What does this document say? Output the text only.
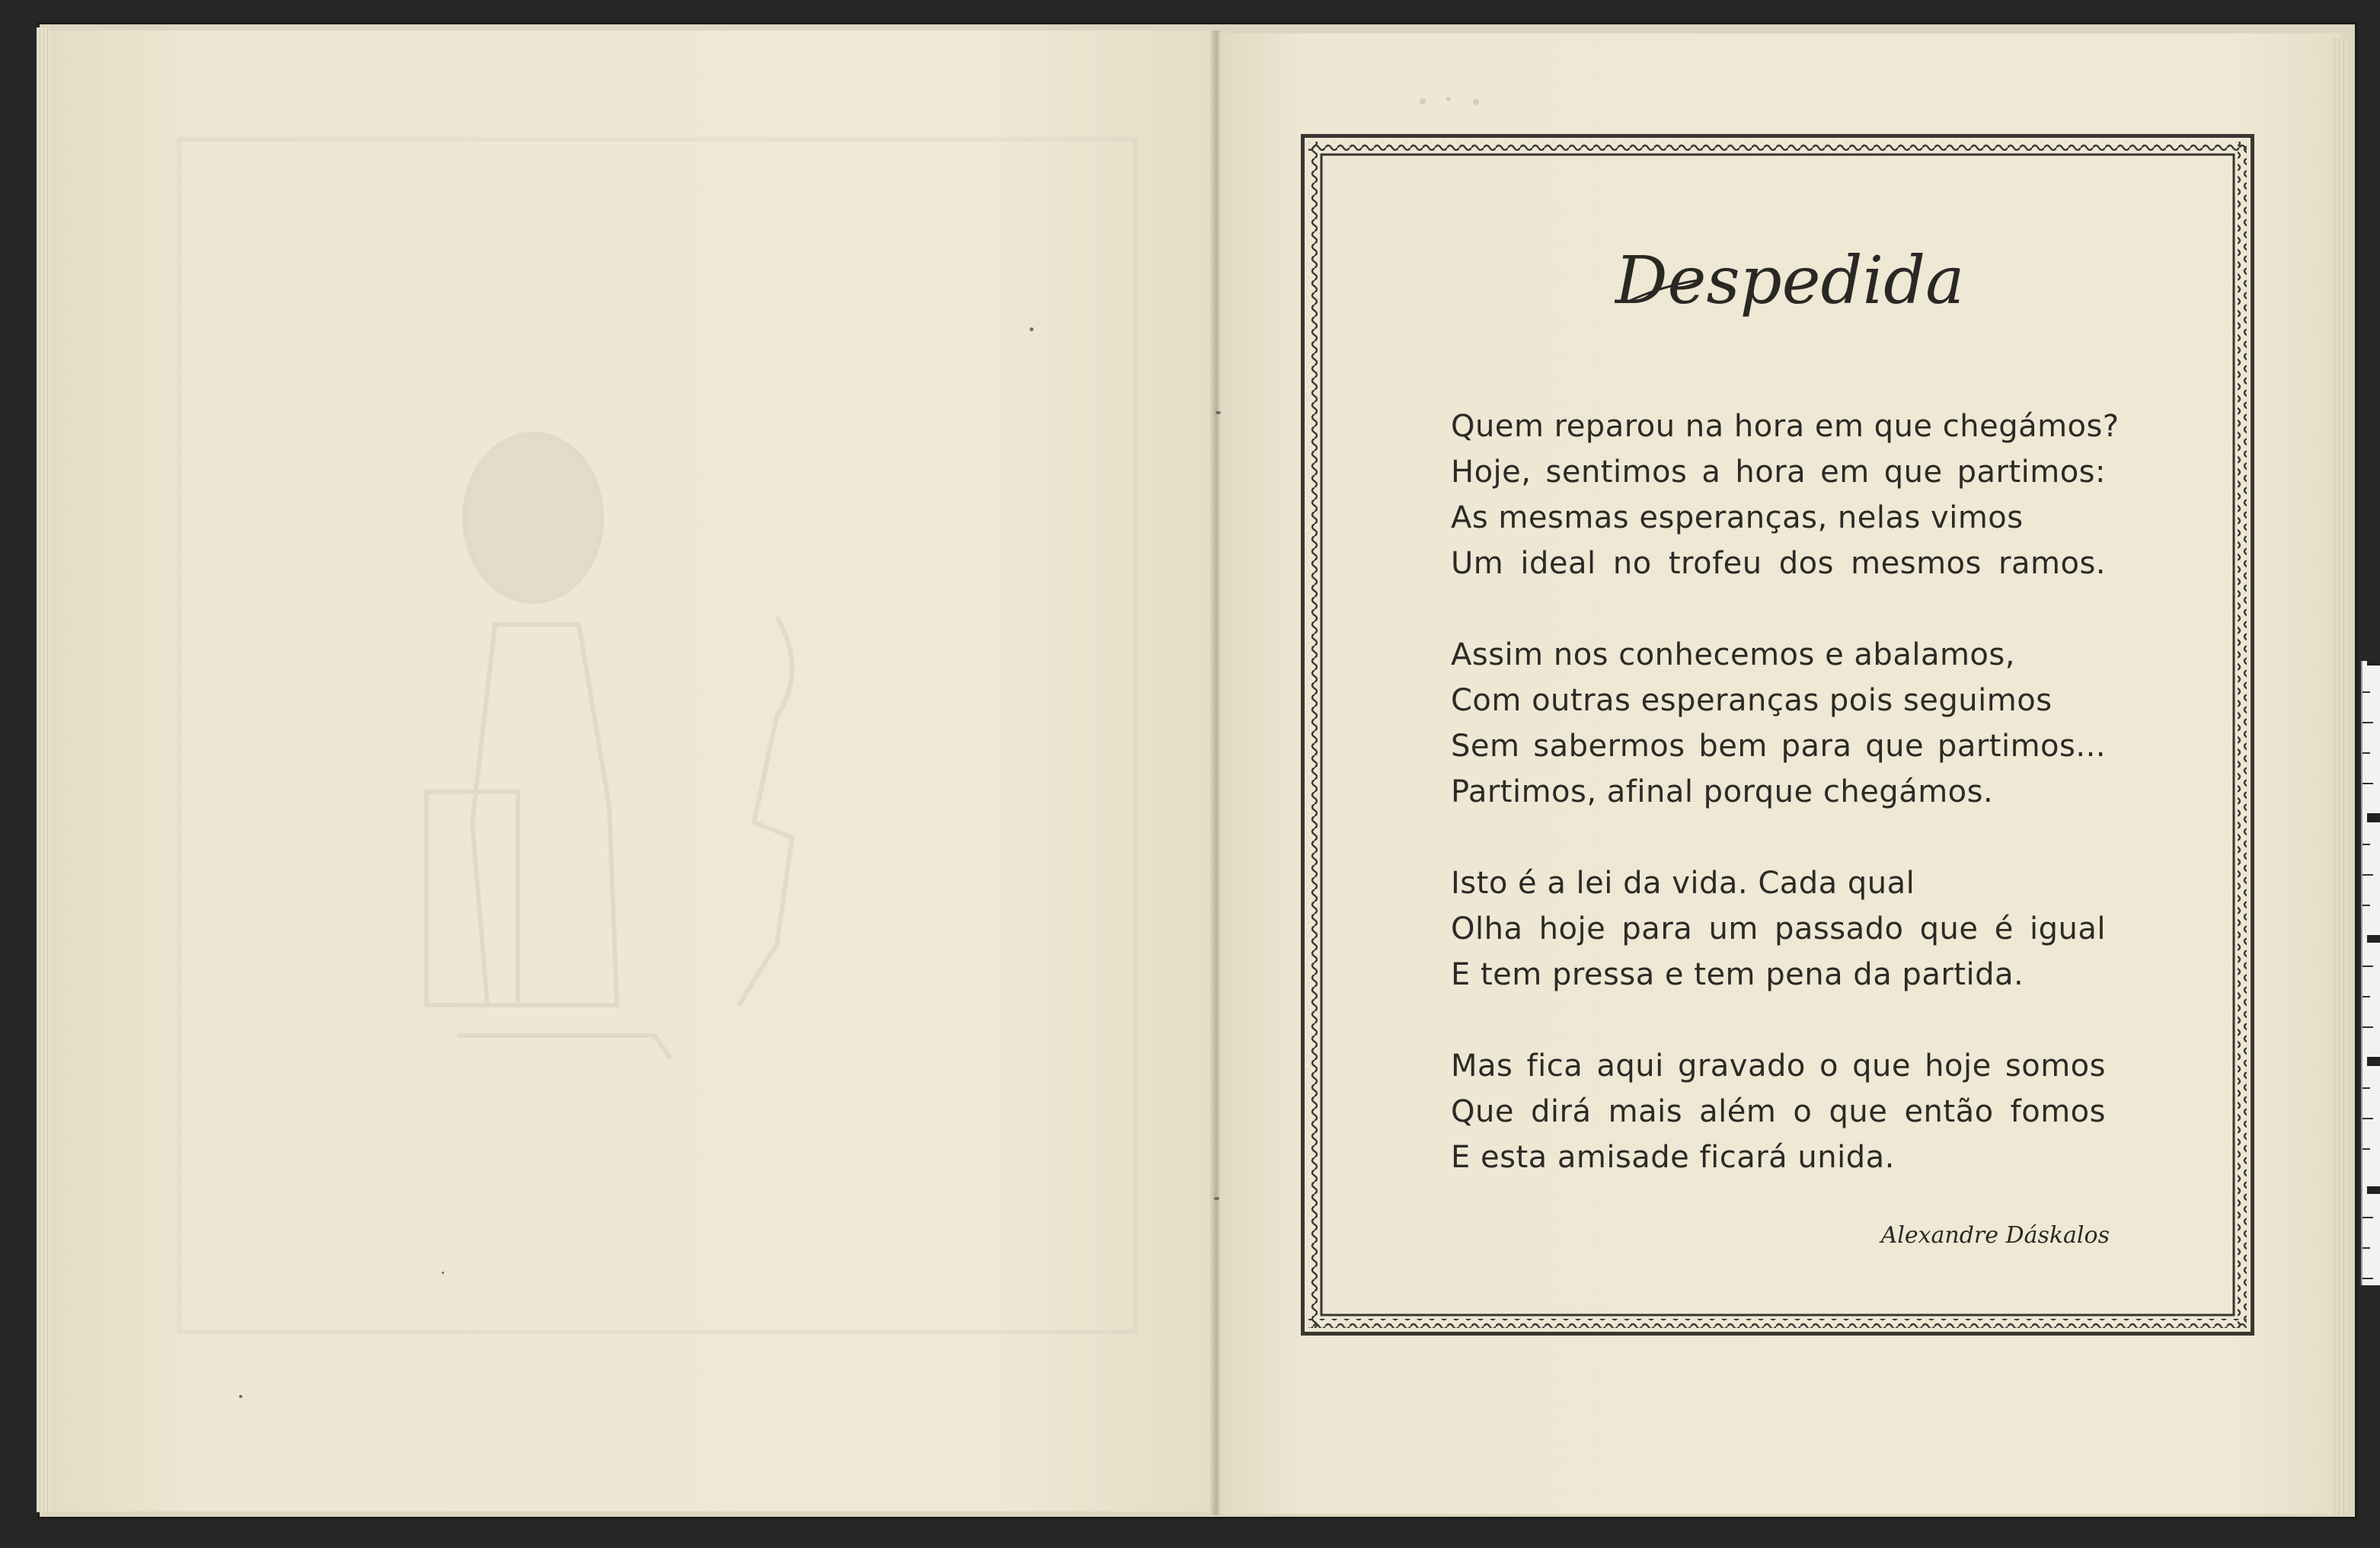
Despedida
Quem reparou na hora em que chegámos?
Hoje, sentimos a hora em que partimos:
As mesmas esperanças, nelas vimos
Um ideal no trofeu dos mesmos ramos.
Assim nos conhecemos e abalamos,
Com outras esperanças pois seguimos
Sem sabermos bem para que partimos...
Partimos, afinal porque chegámos.
Isto é a lei da vida. Cada qual
Olha hoje para um passado que é igual
E tem pressa e tem pena da partida.
Mas fica aqui gravado o que hoje somos
Que dirá mais além o que então fomos
E esta amisade ficará unida.
Alexandre Dáskalos
